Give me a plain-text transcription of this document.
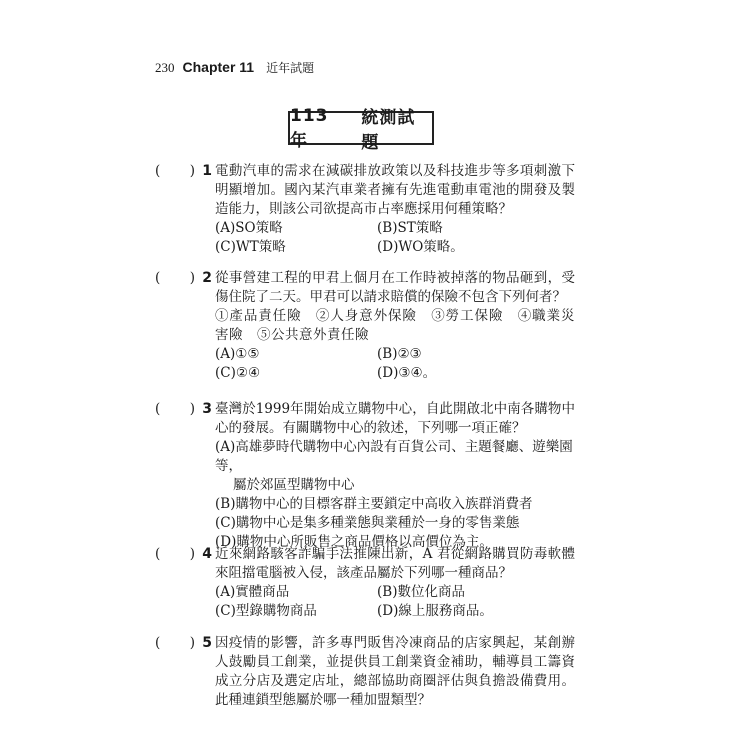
230 Chapter 11 近年試題
113年
統測試題
( ) 1 電動汽車的需求在減碳排放政策以及科技進步等多項刺激下明顯增加。國內某汽車業者擁有先進電動車電池的開發及製造能力，則該公司欲提高市占率應採用何種策略？
(A)SO策略	(B)ST策略
(C)WT策略	(D)WO策略。
( ) 2 從事營建工程的甲君上個月在工作時被掉落的物品砸到，受傷住院了二天。甲君可以請求賠償的保險不包含下列何者？
①產品責任險　②人身意外保險　③勞工保險　④職業災害險　⑤公共意外責任險
(A)①⑤	(B)②③
(C)②④	(D)③④。
( ) 3 臺灣於1999年開始成立購物中心，自此開啟北中南各購物中心的發展。有關購物中心的敘述，下列哪一項正確？
(A)高雄夢時代購物中心內設有百貨公司、主題餐廳、遊樂園等，
屬於郊區型購物中心
(B)購物中心的目標客群主要鎖定中高收入族群消費者
(C)購物中心是集多種業態與業種於一身的零售業態
(D)購物中心所販售之商品價格以高價位為主。
( ) 4 近來網路駭客詐騙手法推陳出新，A 君從網路購買防毒軟體來阻擋電腦被入侵，該產品屬於下列哪一種商品？
(A)實體商品	(B)數位化商品
(C)型錄購物商品	(D)線上服務商品。
( ) 5 因疫情的影響，許多專門販售冷凍商品的店家興起，某創辦人鼓勵員工創業，並提供員工創業資金補助，輔導員工籌資成立分店及選定店址，總部協助商圈評估與負擔設備費用。此種連鎖型態屬於哪一種加盟類型？
